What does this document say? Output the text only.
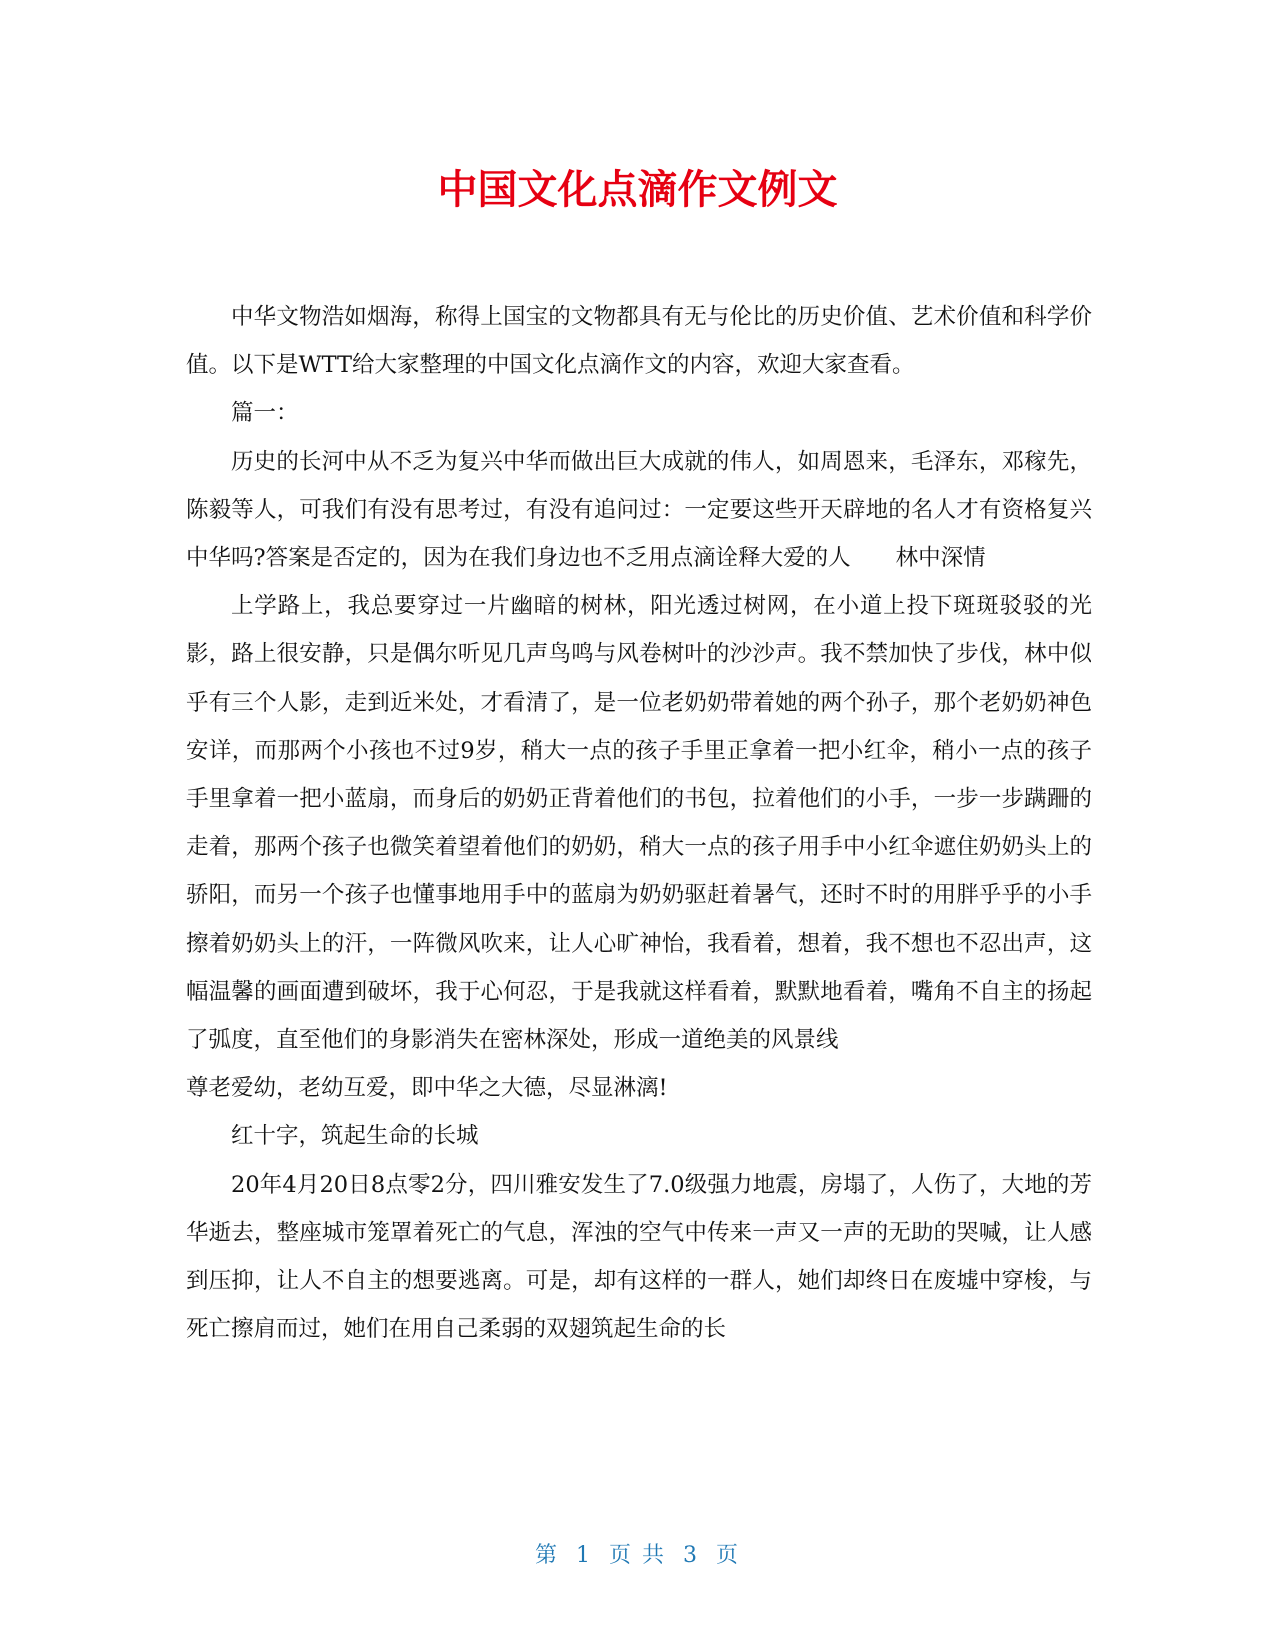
中国文化点滴作文例文

中华文物浩如烟海，称得上国宝的文物都具有无与伦比的历史价值、艺术价值和科学价值。以下是WTT给大家整理的中国文化点滴作文的内容，欢迎大家查看。

篇一：

历史的长河中从不乏为复兴中华而做出巨大成就的伟人，如周恩来，毛泽东，邓稼先，陈毅等人，可我们有没有思考过，有没有追问过：一定要这些开天辟地的名人才有资格复兴中华吗?答案是否定的，因为在我们身边也不乏用点滴诠释大爱的人　　林中深情

上学路上，我总要穿过一片幽暗的树林，阳光透过树网，在小道上投下斑斑驳驳的光影，路上很安静，只是偶尔听见几声鸟鸣与风卷树叶的沙沙声。我不禁加快了步伐，林中似乎有三个人影，走到近米处，才看清了，是一位老奶奶带着她的两个孙子，那个老奶奶神色安详，而那两个小孩也不过9岁，稍大一点的孩子手里正拿着一把小红伞，稍小一点的孩子手里拿着一把小蓝扇，而身后的奶奶正背着他们的书包，拉着他们的小手，一步一步蹒跚的走着，那两个孩子也微笑着望着他们的奶奶，稍大一点的孩子用手中小红伞遮住奶奶头上的骄阳，而另一个孩子也懂事地用手中的蓝扇为奶奶驱赶着暑气，还时不时的用胖乎乎的小手擦着奶奶头上的汗，一阵微风吹来，让人心旷神怡，我看着，想着，我不想也不忍出声，这幅温馨的画面遭到破坏，我于心何忍，于是我就这样看着，默默地看着，嘴角不自主的扬起了弧度，直至他们的身影消失在密林深处，形成一道绝美的风景线

尊老爱幼，老幼互爱，即中华之大德，尽显淋漓!

红十字，筑起生命的长城

20年4月20日8点零2分，四川雅安发生了7.0级强力地震，房塌了，人伤了，大地的芳华逝去，整座城市笼罩着死亡的气息，浑浊的空气中传来一声又一声的无助的哭喊，让人感到压抑，让人不自主的想要逃离。可是，却有这样的一群人，她们却终日在废墟中穿梭，与死亡擦肩而过，她们在用自己柔弱的双翅筑起生命的长

第 1 页 共 3 页
